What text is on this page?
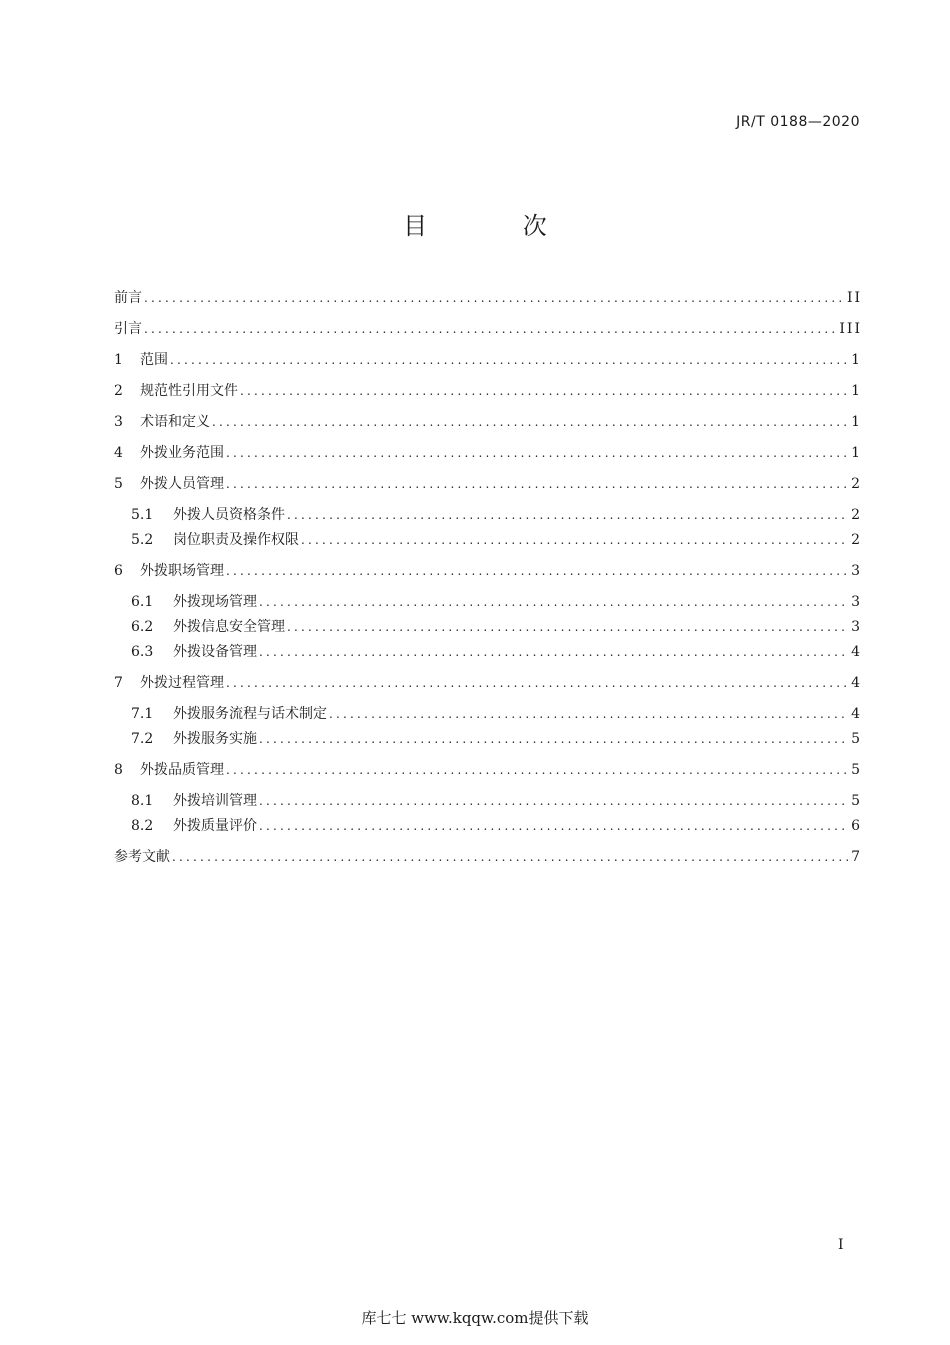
JR/T 0188—2020
目 次
前言 .....	II
引言 .....	III
1	范围 .....	1
2	规范性引用文件 .....	1
3	术语和定义 .....	1
4	外拨业务范围 .....	1
5	外拨人员管理 .....	2
5.1	外拨人员资格条件 .....	2
5.2	岗位职责及操作权限 .....	2
6	外拨职场管理 .....	3
6.1	外拨现场管理 .....	3
6.2	外拨信息安全管理 .....	3
6.3	外拨设备管理 .....	4
7	外拨过程管理 .....	4
7.1	外拨服务流程与话术制定 .....	4
7.2	外拨服务实施 .....	5
8	外拨品质管理 .....	5
8.1	外拨培训管理 .....	5
8.2	外拨质量评价 .....	6
参考文献 .....	7
I
库七七 www.kqqw.com提供下载
